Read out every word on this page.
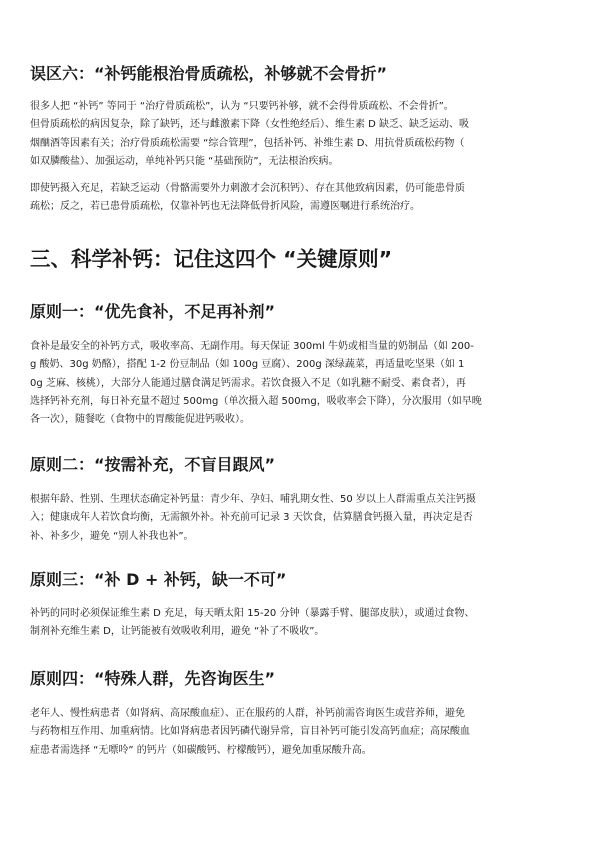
误区六：“补钙能根治骨质疏松，补够就不会骨折”

很多人把 “补钙” 等同于 “治疗骨质疏松”，认为 “只要钙补够，就不会得骨质疏松、不会骨折”。
但骨质疏松的病因复杂，除了缺钙，还与雌激素下降（女性绝经后）、维生素 D 缺乏、缺乏运动、吸
烟酗酒等因素有关；治疗骨质疏松需要 “综合管理”，包括补钙、补维生素 D、用抗骨质疏松药物（
如双膦酸盐）、加强运动，单纯补钙只能 “基础预防”，无法根治疾病。

即使钙摄入充足，若缺乏运动（骨骼需要外力刺激才会沉积钙）、存在其他致病因素，仍可能患骨质
疏松；反之，若已患骨质疏松，仅靠补钙也无法降低骨折风险，需遵医嘱进行系统治疗。

三、科学补钙：记住这四个 “关键原则”
原则一：“优先食补，不足再补剂”

食补是最安全的补钙方式，吸收率高、无副作用。每天保证 300ml 牛奶或相当量的奶制品（如 200-
g 酸奶、30g 奶酪），搭配 1-2 份豆制品（如 100g 豆腐）、200g 深绿蔬菜，再适量吃坚果（如 1
0g 芝麻、核桃），大部分人能通过膳食满足钙需求。若饮食摄入不足（如乳糖不耐受、素食者），再
选择钙补充剂，每日补充量不超过 500mg（单次摄入超 500mg，吸收率会下降），分次服用（如早晚
各一次），随餐吃（食物中的胃酸能促进钙吸收）。

原则二：“按需补充，不盲目跟风”

根据年龄、性别、生理状态确定补钙量：青少年、孕妇、哺乳期女性、50 岁以上人群需重点关注钙摄
入；健康成年人若饮食均衡，无需额外补。补充前可记录 3 天饮食，估算膳食钙摄入量，再决定是否
补、补多少，避免 “别人补我也补”。

原则三：“补 D + 补钙，缺一不可”

补钙的同时必须保证维生素 D 充足，每天晒太阳 15-20 分钟（暴露手臂、腿部皮肤），或通过食物、
制剂补充维生素 D，让钙能被有效吸收利用，避免 “补了不吸收”。

原则四：“特殊人群，先咨询医生”

老年人、慢性病患者（如肾病、高尿酸血症）、正在服药的人群，补钙前需咨询医生或营养师，避免
与药物相互作用、加重病情。比如肾病患者因钙磷代谢异常，盲目补钙可能引发高钙血症；高尿酸血
症患者需选择 “无嘌呤” 的钙片（如碳酸钙、柠檬酸钙），避免加重尿酸升高。
